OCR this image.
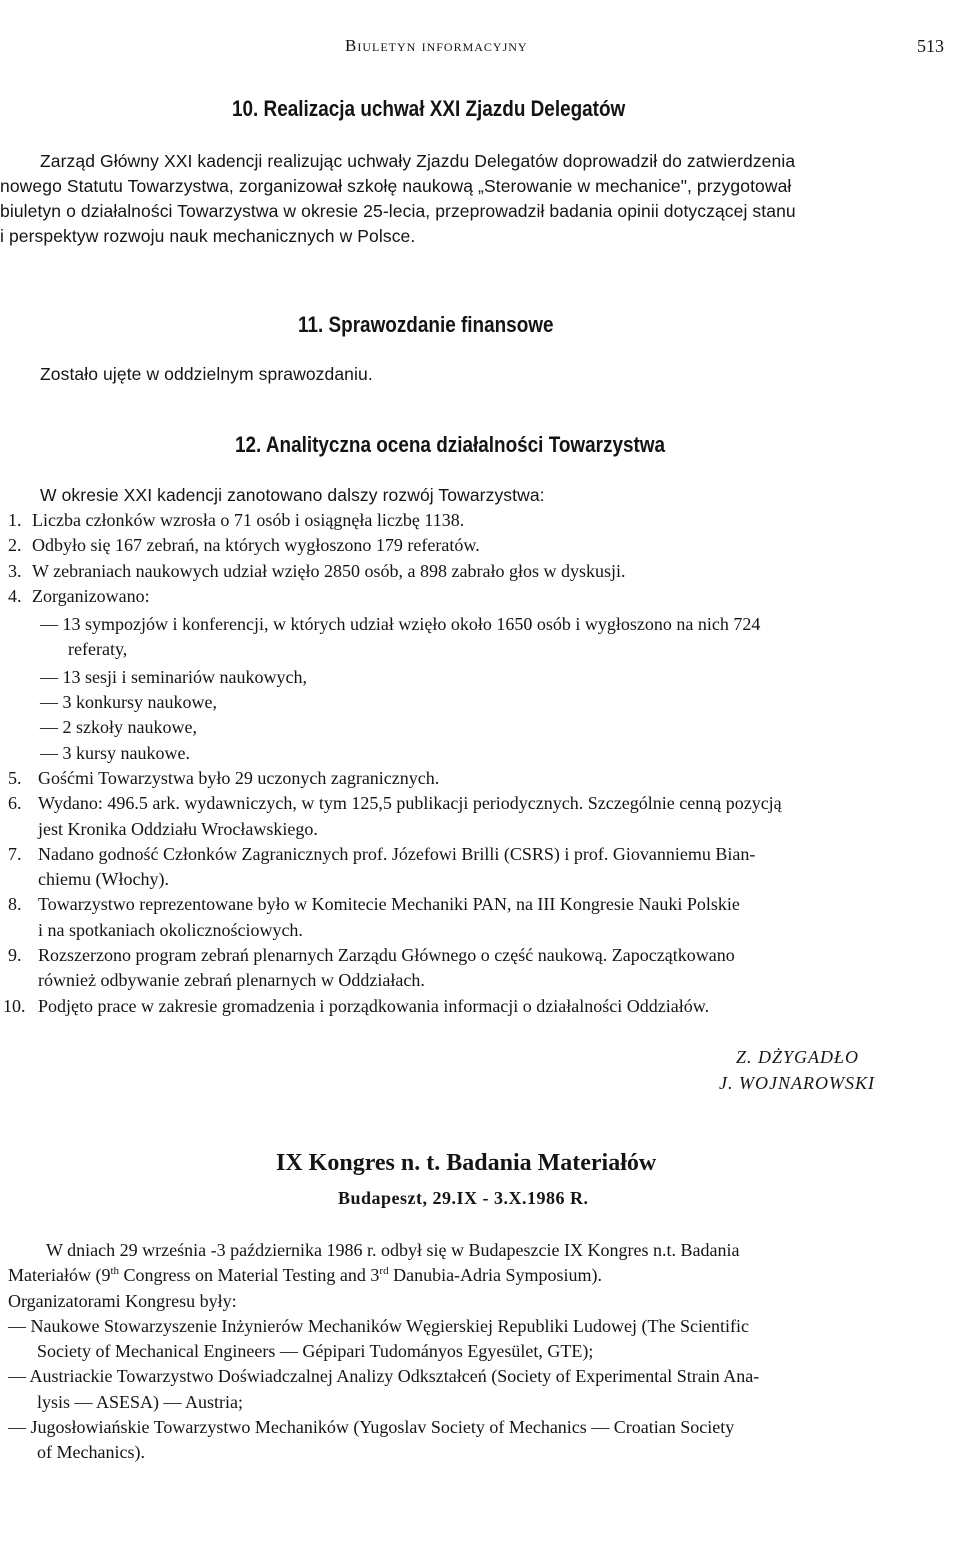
Biuletyn informacyjny	513
10. Realizacja uchwał XXI Zjazdu Delegatów
Zarząd Główny XXI kadencji realizując uchwały Zjazdu Delegatów doprowadził do zatwierdzenia
nowego Statutu Towarzystwa, zorganizował szkołę naukową „Sterowanie w mechanice", przygotował
biuletyn o działalności Towarzystwa w okresie 25-lecia, przeprowadził badania opinii dotyczącej stanu
i perspektyw rozwoju nauk mechanicznych w Polsce.
11. Sprawozdanie finansowe
Zostało ujęte w oddzielnym sprawozdaniu.
12. Analityczna ocena działalności Towarzystwa
W okresie XXI kadencji zanotowano dalszy rozwój Towarzystwa:
1. Liczba członków wzrosła o 71 osób i osiągnęła liczbę 1138.
2. Odbyło się 167 zebrań, na których wygłoszono 179 referatów.
3. W zebraniach naukowych udział wzięło 2850 osób, a 898 zabrało głos w dyskusji.
4. Zorganizowano:
— 13 sympozjów i konferencji, w których udział wzięło około 1650 osób i wygłoszono na nich 724
referaty,
— 13 sesji i seminariów naukowych,
— 3 konkursy naukowe,
— 2 szkoły naukowe,
— 3 kursy naukowe.
5. Gośćmi Towarzystwa było 29 uczonych zagranicznych.
6. Wydano: 496.5 ark. wydawniczych, w tym 125,5 publikacji periodycznych. Szczególnie cenną pozycją
jest Kronika Oddziału Wrocławskiego.
7. Nadano godność Członków Zagranicznych prof. Józefowi Brilli (CSRS) i prof. Giovanniemu Bian-
chiemu (Włochy).
8. Towarzystwo reprezentowane było w Komitecie Mechaniki PAN, na III Kongresie Nauki Polskie
i na spotkaniach okolicznościowych.
9. Rozszerzono program zebrań plenarnych Zarządu Głównego o część naukową. Zapoczątkowano
również odbywanie zebrań plenarnych w Oddziałach.
10. Podjęto prace w zakresie gromadzenia i porządkowania informacji o działalności Oddziałów.
Z. DŻYGADŁO
J. WOJNAROWSKI
IX Kongres n. t. Badania Materiałów
Budapeszt, 29.IX - 3.X.1986 R.
W dniach 29 września -3 października 1986 r. odbył się w Budapeszcie IX Kongres n.t. Badania
Materiałów (9th Congress on Material Testing and 3rd Danubia-Adria Symposium).
Organizatorami Kongresu były:
— Naukowe Stowarzyszenie Inżynierów Mechaników Węgierskiej Republiki Ludowej (The Scientific
Society of Mechanical Engineers — Gépipari Tudományos Egyesület, GTE);
— Austriackie Towarzystwo Doświadczalnej Analizy Odkształceń (Society of Experimental Strain Ana-
lysis — ASESA) — Austria;
— Jugosłowiańskie Towarzystwo Mechaników (Yugoslav Society of Mechanics — Croatian Society
of Mechanics).
